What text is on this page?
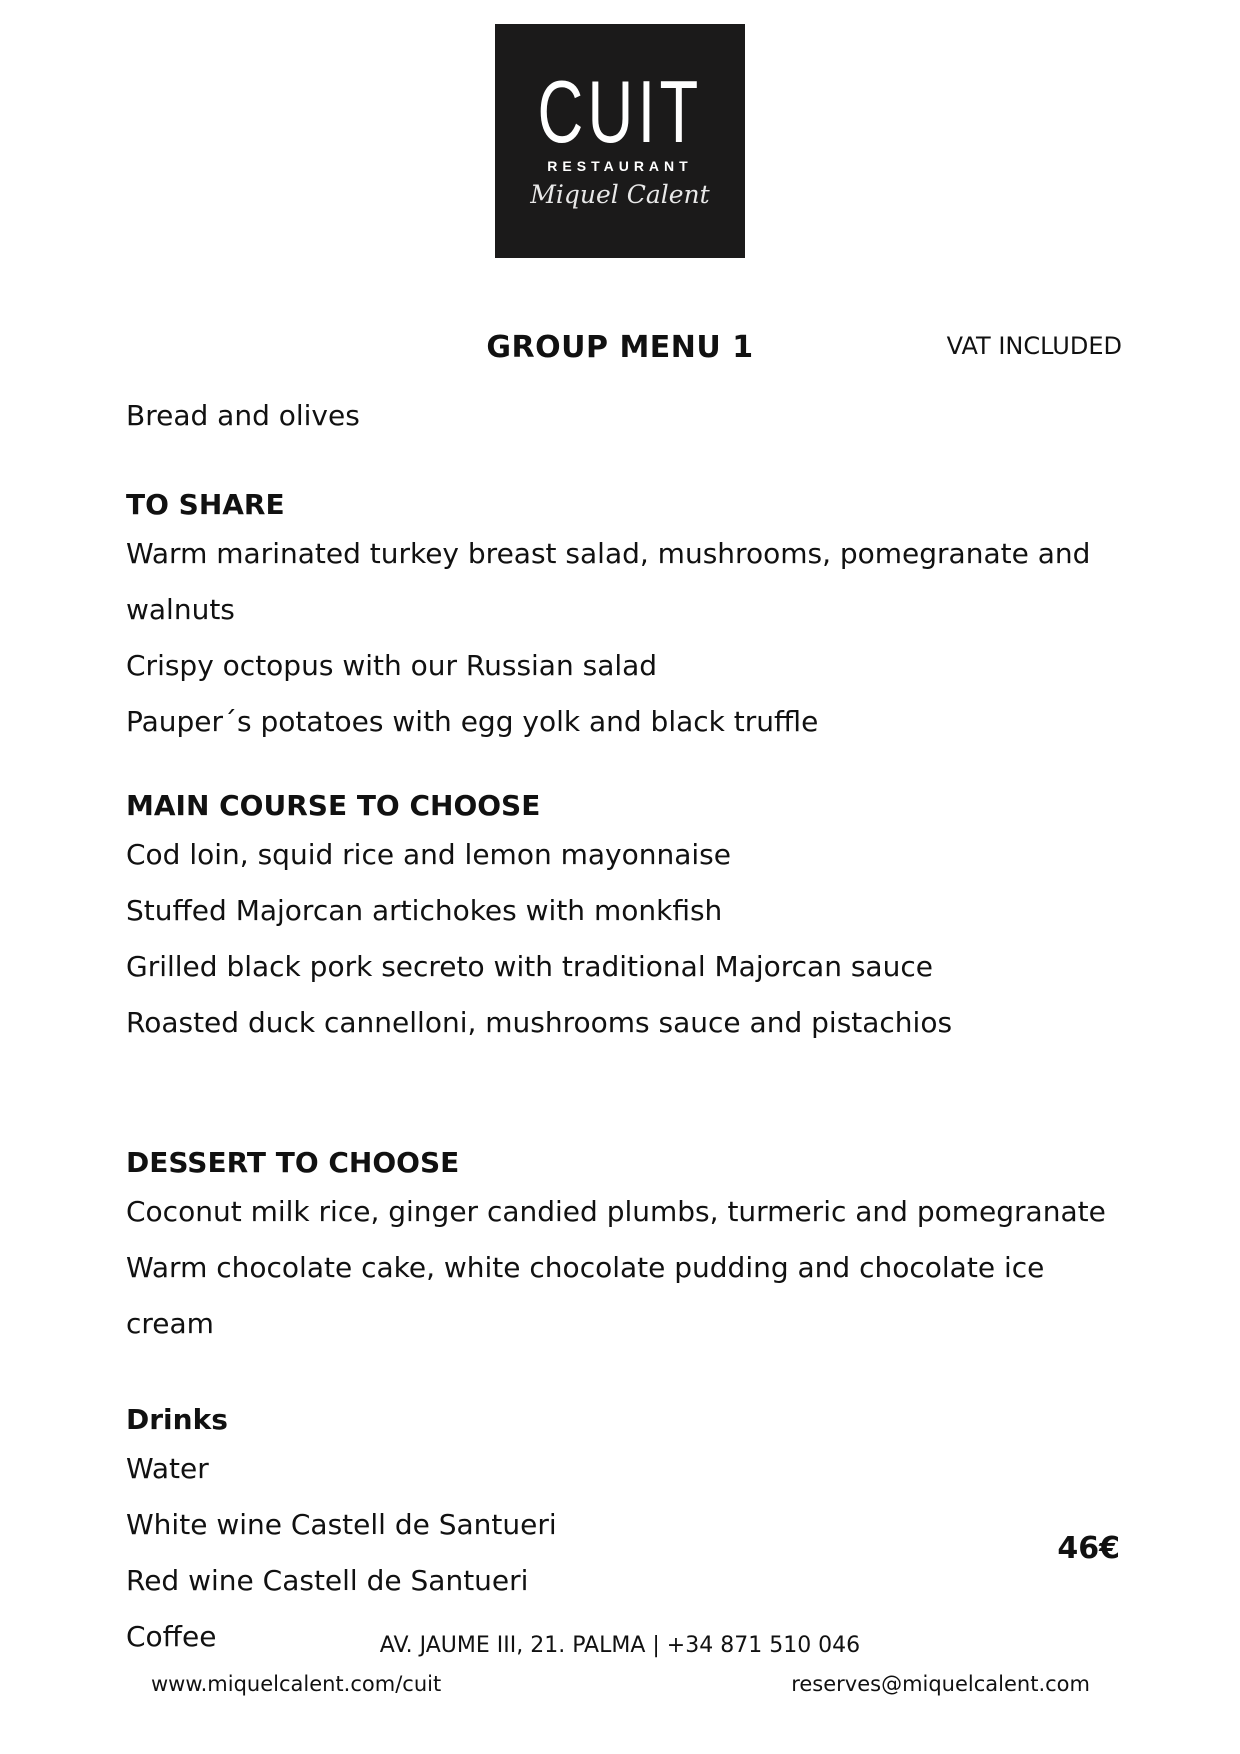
CUIT
RESTAURANT
Miquel Calent
GROUP MENU 1	VAT INCLUDED

Bread and olives

TO SHARE

Warm marinated turkey breast salad, mushrooms, pomegranate and walnuts

Crispy octopus with our Russian salad

Pauper´s potatoes with egg yolk and black truffle

MAIN COURSE TO CHOOSE

Cod loin, squid rice and lemon mayonnaise

Stuffed Majorcan artichokes with monkfish

Grilled black pork secreto with traditional Majorcan sauce

Roasted duck cannelloni, mushrooms sauce and pistachios

DESSERT TO CHOOSE

Coconut milk rice, ginger candied plumbs, turmeric and pomegranate

Warm chocolate cake, white chocolate pudding and chocolate ice cream

Drinks

Water

White wine Castell de Santueri

Red wine Castell de Santueri

Coffee

46€
AV. JAUME III, 21. PALMA | +34 871 510 046
www.miquelcalent.com/cuit	reserves@miquelcalent.com
